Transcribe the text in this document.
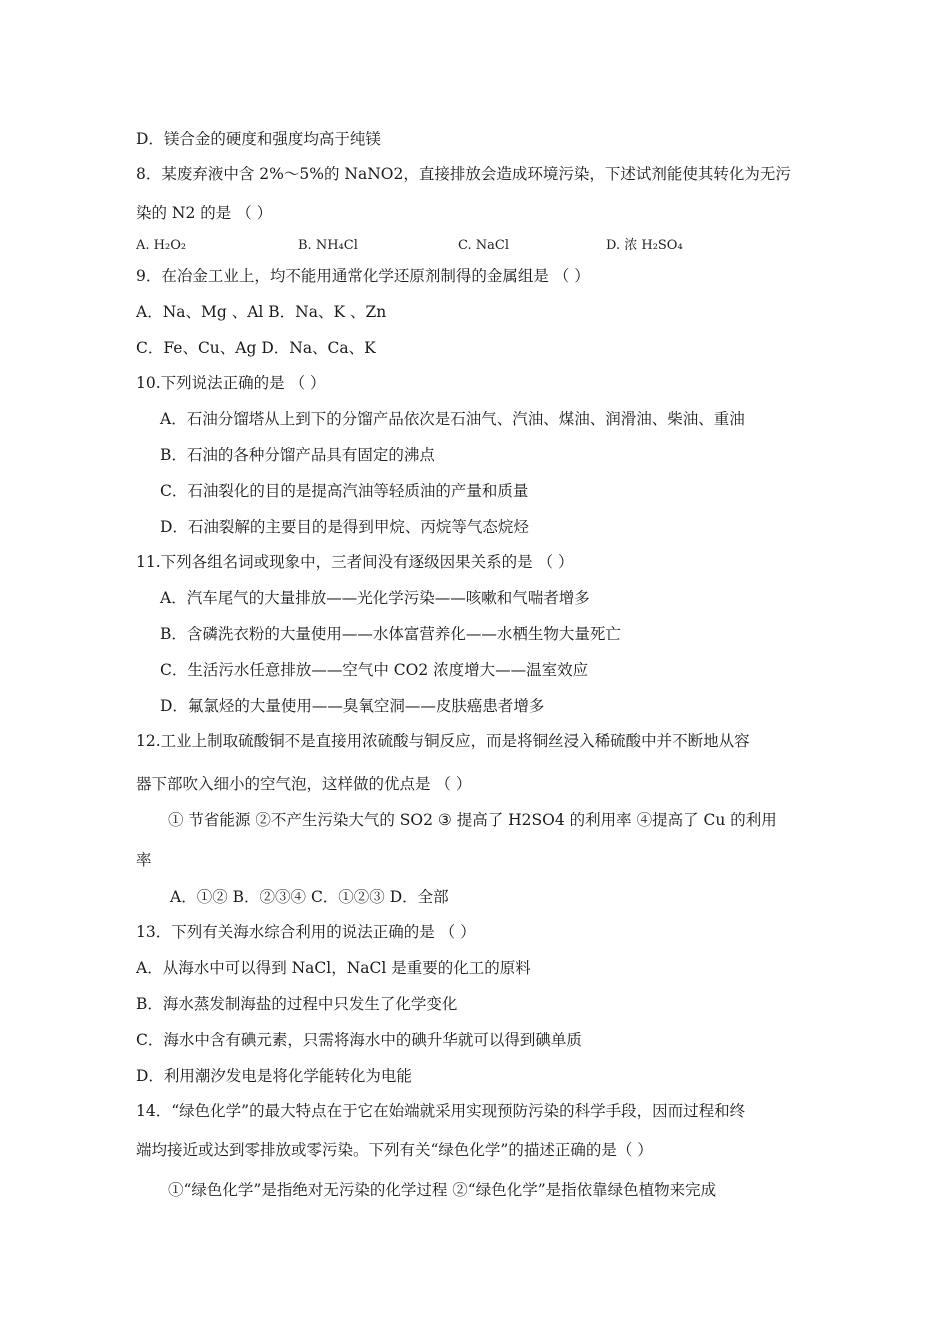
D．镁合金的硬度和强度均高于纯镁
8．某废弃液中含 2%～5%的 NaNO2，直接排放会造成环境污染，下述试剂能使其转化为无污
染的 N2 的是 （ ）
A. H₂O₂	B. NH₄Cl	C. NaCl	D. 浓 H₂SO₄
9．在冶金工业上，均不能用通常化学还原剂制得的金属组是 （ ）
A．Na、Mg 、Al B．Na、K 、Zn
C．Fe、Cu、Ag D．Na、Ca、K
10.下列说法正确的是 （ ）
A．石油分馏塔从上到下的分馏产品依次是石油气、汽油、煤油、润滑油、柴油、重油
B．石油的各种分馏产品具有固定的沸点
C．石油裂化的目的是提高汽油等轻质油的产量和质量
D．石油裂解的主要目的是得到甲烷、丙烷等气态烷烃
11.下列各组名词或现象中，三者间没有逐级因果关系的是 （ ）
A．汽车尾气的大量排放——光化学污染——咳嗽和气喘者增多
B．含磷洗衣粉的大量使用——水体富营养化——水栖生物大量死亡
C．生活污水任意排放——空气中 CO2 浓度增大——温室效应
D．氟氯烃的大量使用——臭氧空洞——皮肤癌患者增多
12.工业上制取硫酸铜不是直接用浓硫酸与铜反应，而是将铜丝浸入稀硫酸中并不断地从容
器下部吹入细小的空气泡，这样做的优点是 （ ）
① 节省能源 ②不产生污染大气的 SO2 ③ 提高了 H2SO4 的利用率 ④提高了 Cu 的利用
率
A．①② B．②③④ C．①②③ D．全部
13．下列有关海水综合利用的说法正确的是 （ ）
A．从海水中可以得到 NaCl，NaCl 是重要的化工的原料
B．海水蒸发制海盐的过程中只发生了化学变化
C．海水中含有碘元素，只需将海水中的碘升华就可以得到碘单质
D．利用潮汐发电是将化学能转化为电能
14．“绿色化学”的最大特点在于它在始端就采用实现预防污染的科学手段，因而过程和终
端均接近或达到零排放或零污染。下列有关“绿色化学”的描述正确的是（ ）
①“绿色化学”是指绝对无污染的化学过程 ②“绿色化学”是指依靠绿色植物来完成
